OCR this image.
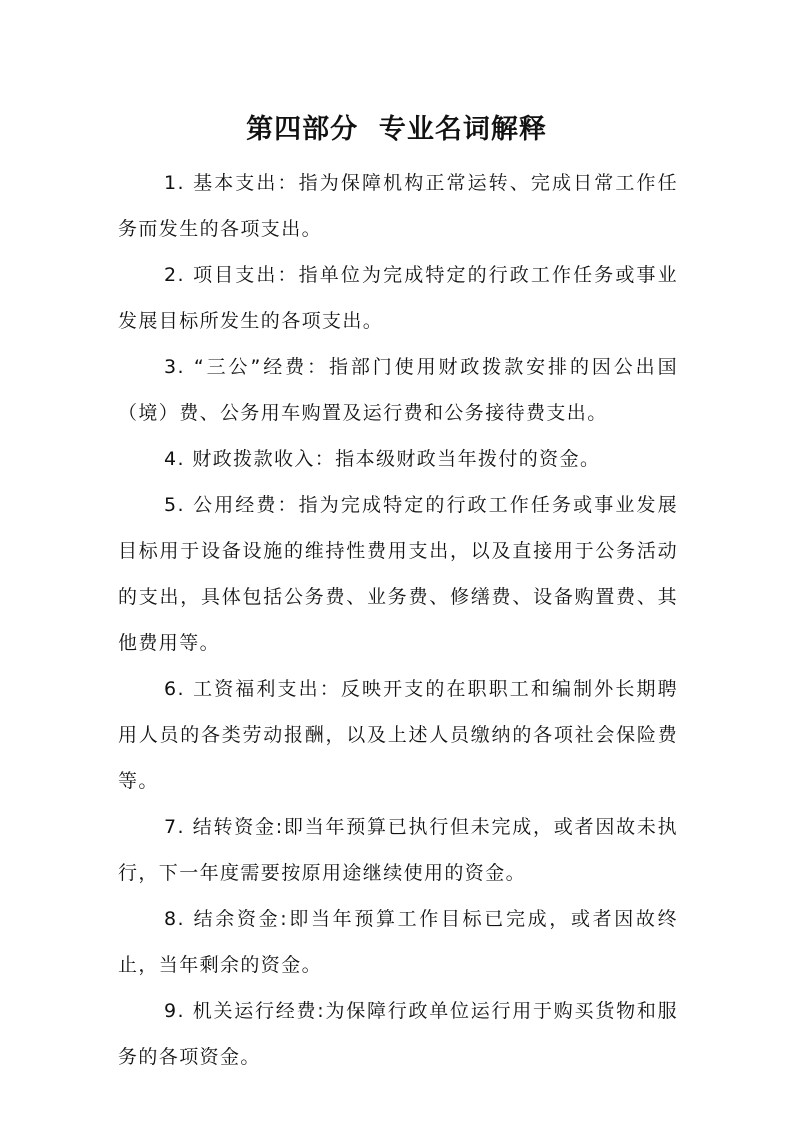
第四部分  专业名词解释

1. 基本支出：指为保障机构正常运转、完成日常工作任务而发生的各项支出。

2. 项目支出：指单位为完成特定的行政工作任务或事业发展目标所发生的各项支出。

3. “三公”经费：指部门使用财政拨款安排的因公出国（境）费、公务用车购置及运行费和公务接待费支出。

4. 财政拨款收入：指本级财政当年拨付的资金。

5. 公用经费：指为完成特定的行政工作任务或事业发展目标用于设备设施的维持性费用支出，以及直接用于公务活动的支出，具体包括公务费、业务费、修缮费、设备购置费、其他费用等。

6. 工资福利支出：反映开支的在职职工和编制外长期聘用人员的各类劳动报酬，以及上述人员缴纳的各项社会保险费等。

7. 结转资金:即当年预算已执行但未完成，或者因故未执行，下一年度需要按原用途继续使用的资金。

8. 结余资金:即当年预算工作目标已完成，或者因故终止，当年剩余的资金。

9. 机关运行经费:为保障行政单位运行用于购买货物和服务的各项资金。
